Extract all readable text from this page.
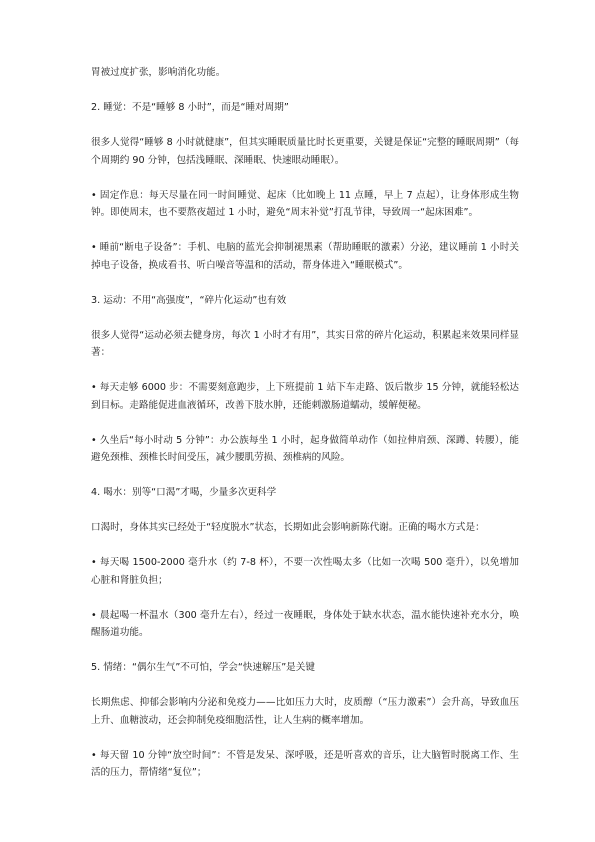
胃被过度扩张，影响消化功能。

2. 睡觉：不是“睡够 8 小时”，而是“睡对周期”

很多人觉得“睡够 8 小时就健康”，但其实睡眠质量比时长更重要，关键是保证“完整的睡眠周期”（每个周期约 90 分钟，包括浅睡眠、深睡眠、快速眼动睡眠）。

• 固定作息：每天尽量在同一时间睡觉、起床（比如晚上 11 点睡，早上 7 点起），让身体形成生物钟。即使周末，也不要熬夜超过 1 小时，避免“周末补觉”打乱节律，导致周一“起床困难”。

• 睡前“断电子设备”：手机、电脑的蓝光会抑制褪黑素（帮助睡眠的激素）分泌，建议睡前 1 小时关掉电子设备，换成看书、听白噪音等温和的活动，帮身体进入“睡眠模式”。

3. 运动：不用“高强度”，“碎片化运动”也有效

很多人觉得“运动必须去健身房，每次 1 小时才有用”，其实日常的碎片化运动，积累起来效果同样显著：

• 每天走够 6000 步：不需要刻意跑步，上下班提前 1 站下车走路、饭后散步 15 分钟，就能轻松达到目标。走路能促进血液循环，改善下肢水肿，还能刺激肠道蠕动，缓解便秘。

• 久坐后“每小时动 5 分钟”：办公族每坐 1 小时，起身做简单动作（如拉伸肩颈、深蹲、转腰），能避免颈椎、颈椎长时间受压，减少腰肌劳损、颈椎病的风险。

4. 喝水：别等“口渴”才喝，少量多次更科学

口渴时，身体其实已经处于“轻度脱水”状态，长期如此会影响新陈代谢。正确的喝水方式是：

• 每天喝 1500-2000 毫升水（约 7-8 杯），不要一次性喝太多（比如一次喝 500 毫升），以免增加心脏和肾脏负担；

• 晨起喝一杯温水（300 毫升左右），经过一夜睡眠，身体处于缺水状态，温水能快速补充水分，唤醒肠道功能。

5. 情绪：“偶尔生气”不可怕，学会“快速解压”是关键

长期焦虑、抑郁会影响内分泌和免疫力——比如压力大时，皮质醇（“压力激素”）会升高，导致血压上升、血糖波动，还会抑制免疫细胞活性，让人生病的概率增加。

• 每天留 10 分钟“放空时间”：不管是发呆、深呼吸，还是听喜欢的音乐，让大脑暂时脱离工作、生活的压力，帮情绪“复位”；
